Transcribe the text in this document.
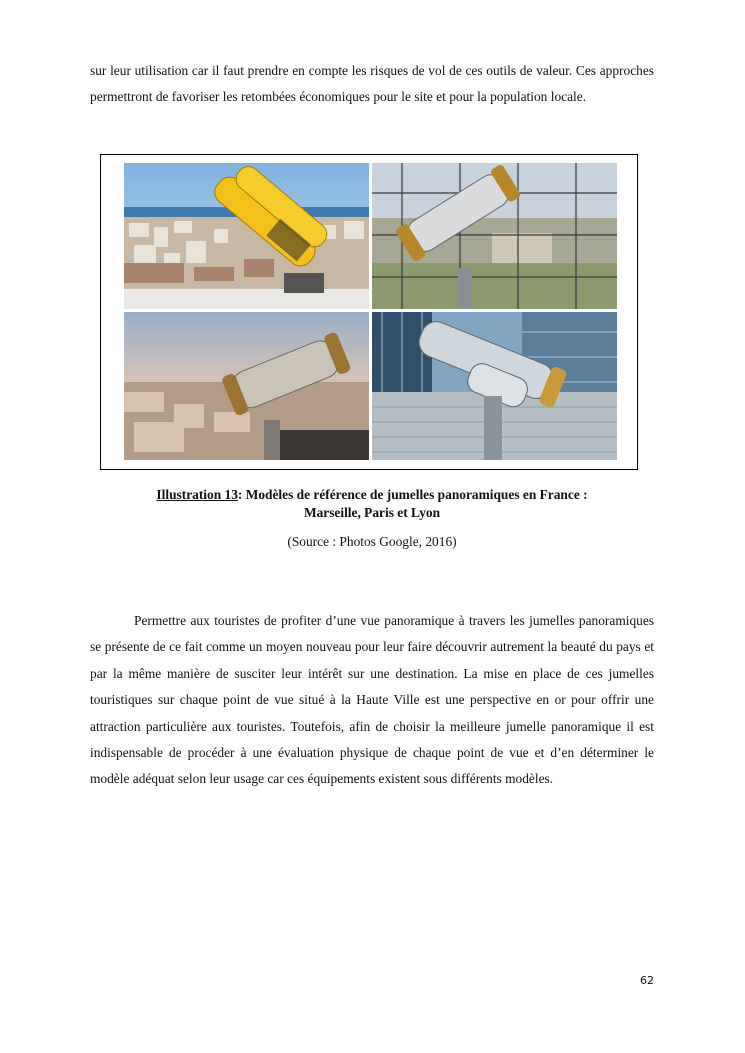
sur leur utilisation car il faut prendre en compte les risques de vol de ces outils de valeur. Ces approches permettront de favoriser les retombées économiques pour le site et pour la population locale.

Illustration 13: Modèles de référence de jumelles panoramiques en France :

Marseille, Paris et Lyon

(Source : Photos Google, 2016)

Permettre aux touristes de profiter d’une vue panoramique à travers les jumelles panoramiques se présente de ce fait comme un moyen nouveau pour leur faire découvrir autrement la beauté du pays et par la même manière de susciter leur intérêt sur une destination. La mise en place de ces jumelles touristiques sur chaque point de vue situé à la Haute Ville est une perspective en or pour offrir une attraction particulière aux touristes. Toutefois, afin de choisir la meilleure jumelle panoramique il est indispensable de procéder à une évaluation physique de chaque point de vue et d’en déterminer le modèle adéquat selon leur usage car ces équipements existent sous différents modèles.

62
